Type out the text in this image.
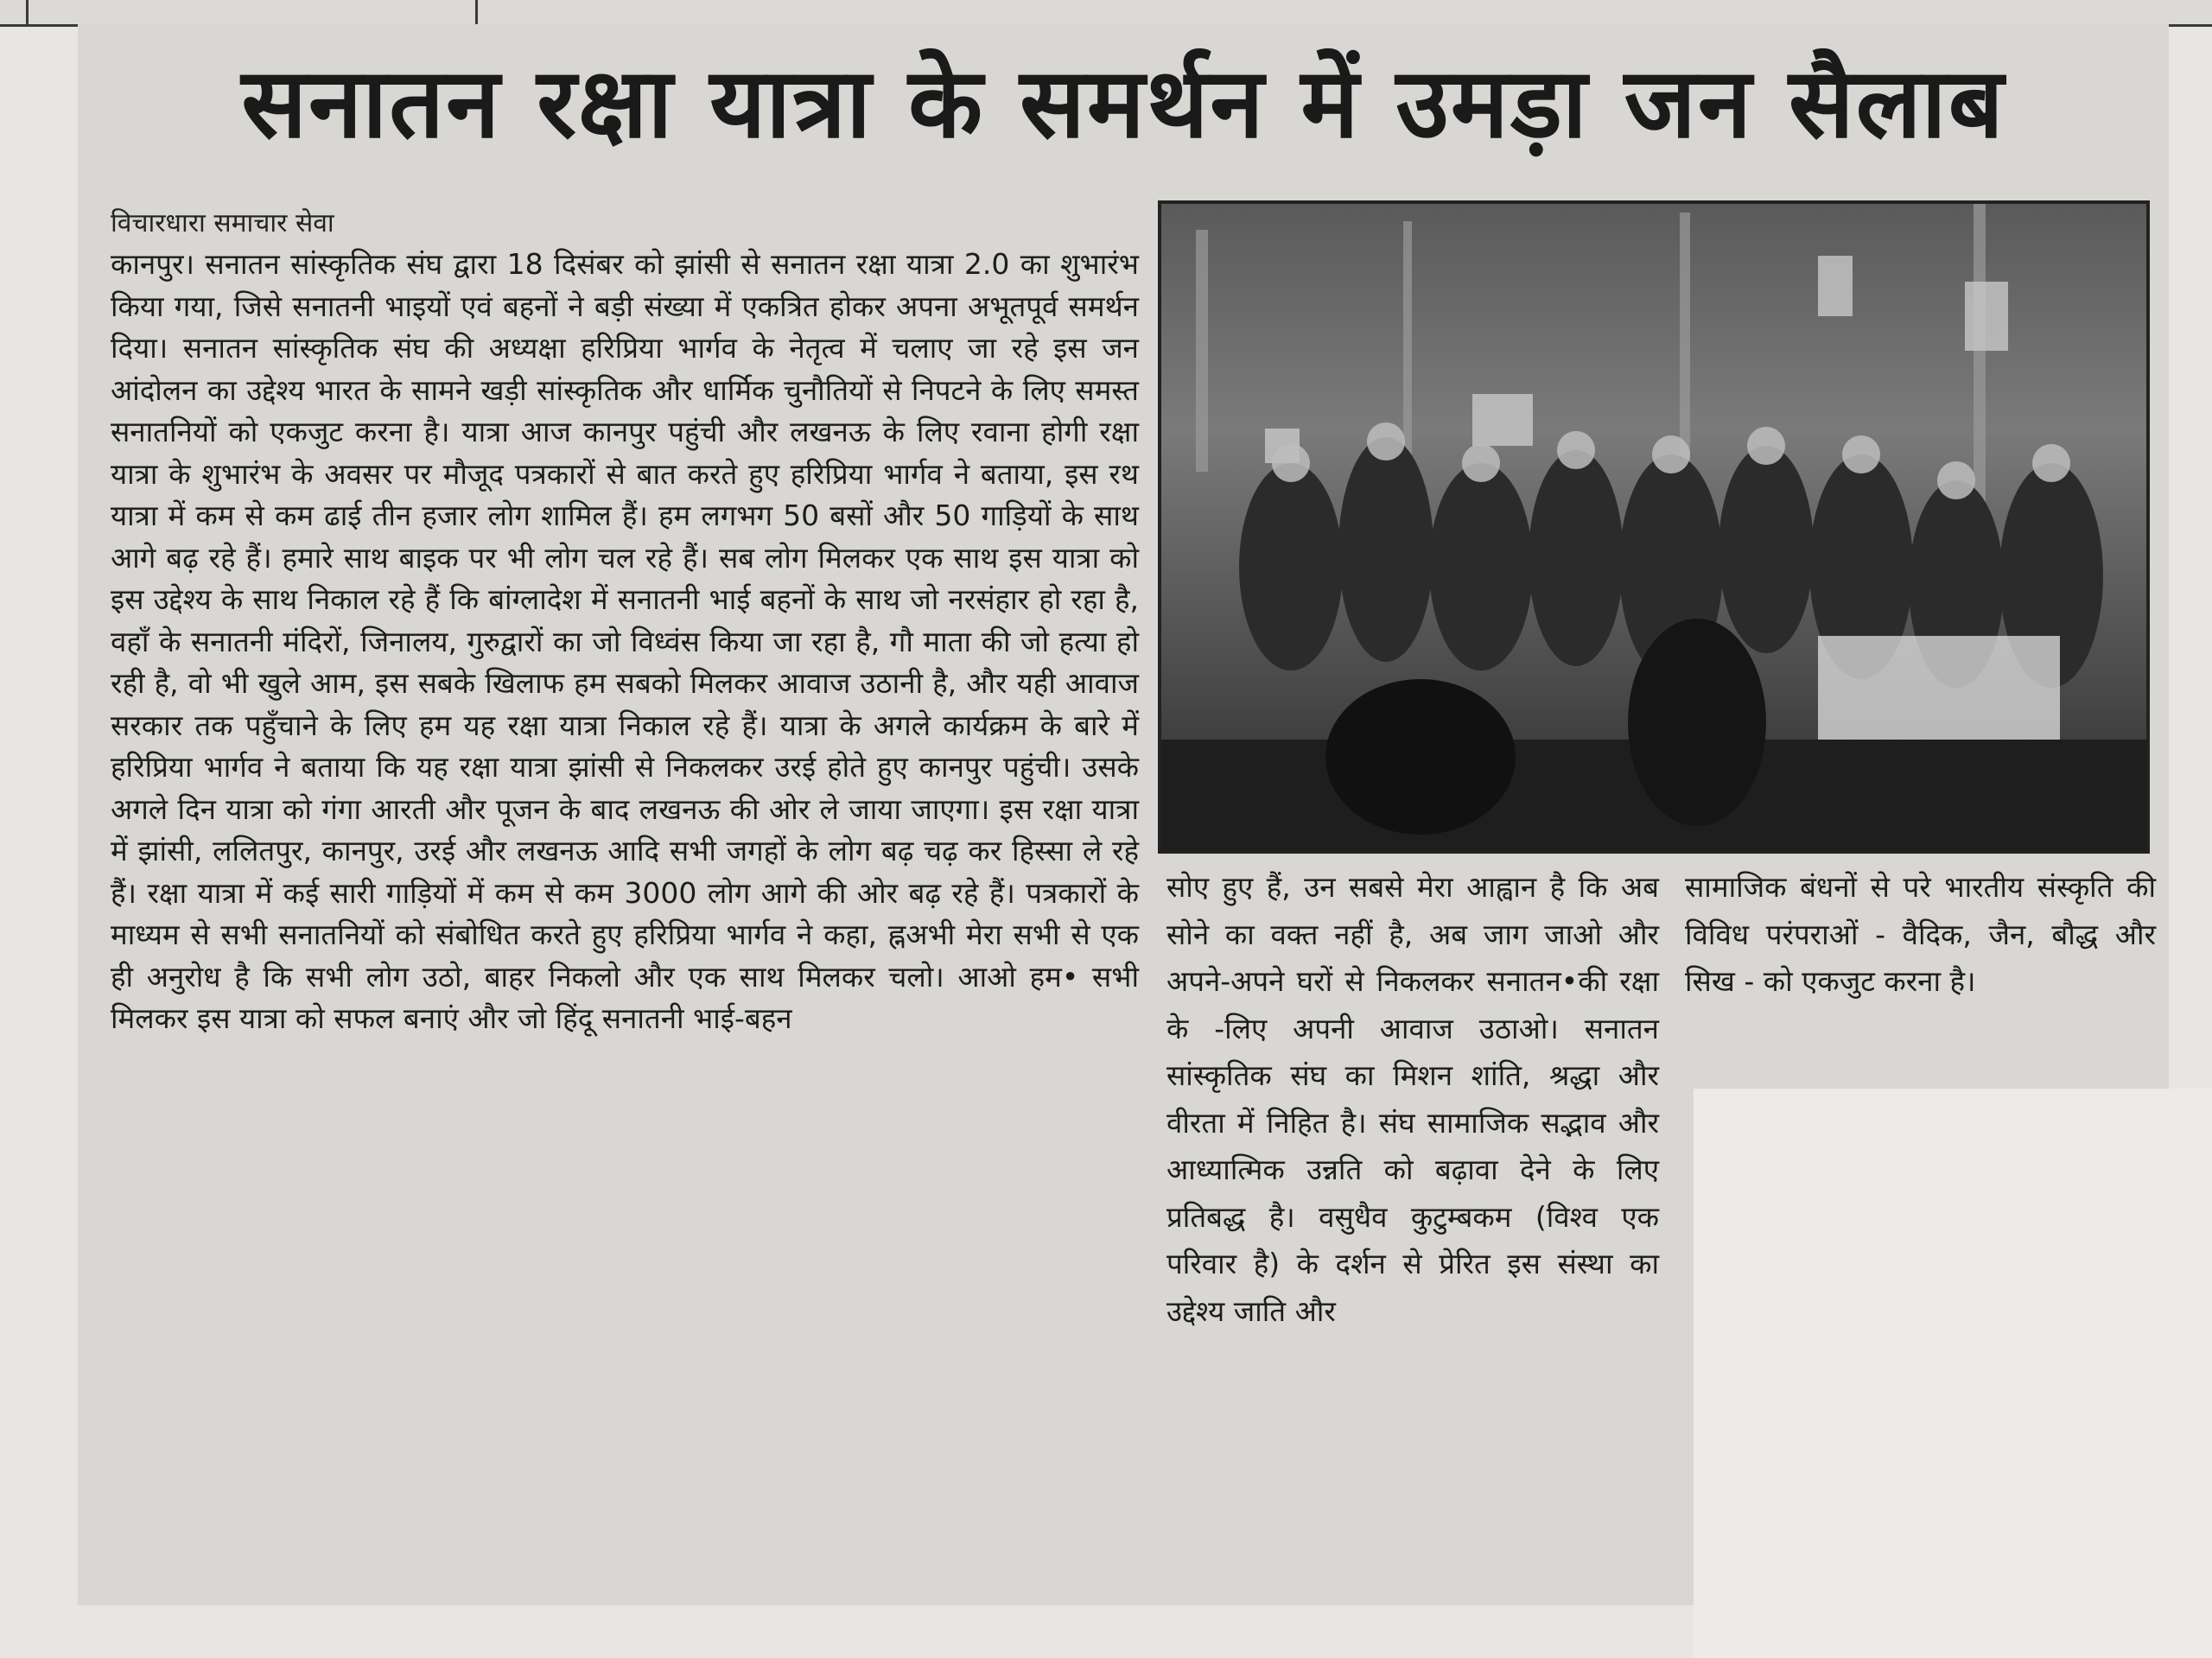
सनातन रक्षा यात्रा के समर्थन में उमड़ा जन सैलाब
विचारधारा समाचार सेवा
कानपुर। सनातन सांस्कृतिक संघ द्वारा 18 दिसंबर को झांसी से सनातन रक्षा यात्रा 2.0 का शुभारंभ किया गया, जिसे सनातनी भाइयों एवं बहनों ने बड़ी संख्या में एकत्रित होकर अपना अभूतपूर्व समर्थन दिया। सनातन सांस्कृतिक संघ की अध्यक्षा हरिप्रिया भार्गव के नेतृत्व में चलाए जा रहे इस जन आंदोलन का उद्देश्य भारत के सामने खड़ी सांस्कृतिक और धार्मिक चुनौतियों से निपटने के लिए समस्त सनातनियों को एकजुट करना है। यात्रा आज कानपुर पहुंची और लखनऊ के लिए रवाना होगी रक्षा यात्रा के शुभारंभ के अवसर पर मौजूद पत्रकारों से बात करते हुए हरिप्रिया भार्गव ने बताया, इस रथ यात्रा में कम से कम ढाई तीन हजार लोग शामिल हैं। हम लगभग 50 बसों और 50 गाड़ियों के साथ आगे बढ़ रहे हैं। हमारे साथ बाइक पर भी लोग चल रहे हैं। सब लोग मिलकर एक साथ इस यात्रा को इस उद्देश्य के साथ निकाल रहे हैं कि बांग्लादेश में सनातनी भाई बहनों के साथ जो नरसंहार हो रहा है, वहाँ के सनातनी मंदिरों, जिनालय, गुरुद्वारों का जो विध्वंस किया जा रहा है, गौ माता की जो हत्या हो रही है, वो भी खुले आम, इस सबके खिलाफ हम सबको मिलकर आवाज उठानी है, और यही आवाज सरकार तक पहुँचाने के लिए हम यह रक्षा यात्रा निकाल रहे हैं। यात्रा के अगले कार्यक्रम के बारे में हरिप्रिया भार्गव ने बताया कि यह रक्षा यात्रा झांसी से निकलकर उरई होते हुए कानपुर पहुंची। उसके अगले दिन यात्रा को गंगा आरती और पूजन के बाद लखनऊ की ओर ले जाया जाएगा। इस रक्षा यात्रा में झांसी, ललितपुर, कानपुर, उरई और लखनऊ आदि सभी जगहों के लोग बढ़ चढ़ कर हिस्सा ले रहे हैं। रक्षा यात्रा में कई सारी गाड़ियों में कम से कम 3000 लोग आगे की ओर बढ़ रहे हैं। पत्रकारों के माध्यम से सभी सनातनियों को संबोधित करते हुए हरिप्रिया भार्गव ने कहा, ह्नअभी मेरा सभी से एक ही अनुरोध है कि सभी लोग उठो, बाहर निकलो और एक साथ मिलकर चलो। आओ हम• सभी मिलकर इस यात्रा को सफल बनाएं और जो हिंदू सनातनी भाई-बहन
सोए हुए हैं, उन सबसे मेरा आह्वान है कि अब सोने का वक्त नहीं है, अब जाग जाओ और अपने-अपने घरों से निकलकर सनातन•की रक्षा के -लिए अपनी आवाज उठाओ। सनातन सांस्कृतिक संघ का मिशन शांति, श्रद्धा और वीरता में निहित है। संघ सामाजिक सद्भाव और आध्यात्मिक उन्नति को बढ़ावा देने के लिए प्रतिबद्ध है। वसुधैव कुटुम्बकम (विश्व एक परिवार है) के दर्शन से प्रेरित इस संस्था का उद्देश्य जाति और
सामाजिक बंधनों से परे भारतीय संस्कृति की विविध परंपराओं - वैदिक, जैन, बौद्ध और सिख - को एकजुट करना है।
